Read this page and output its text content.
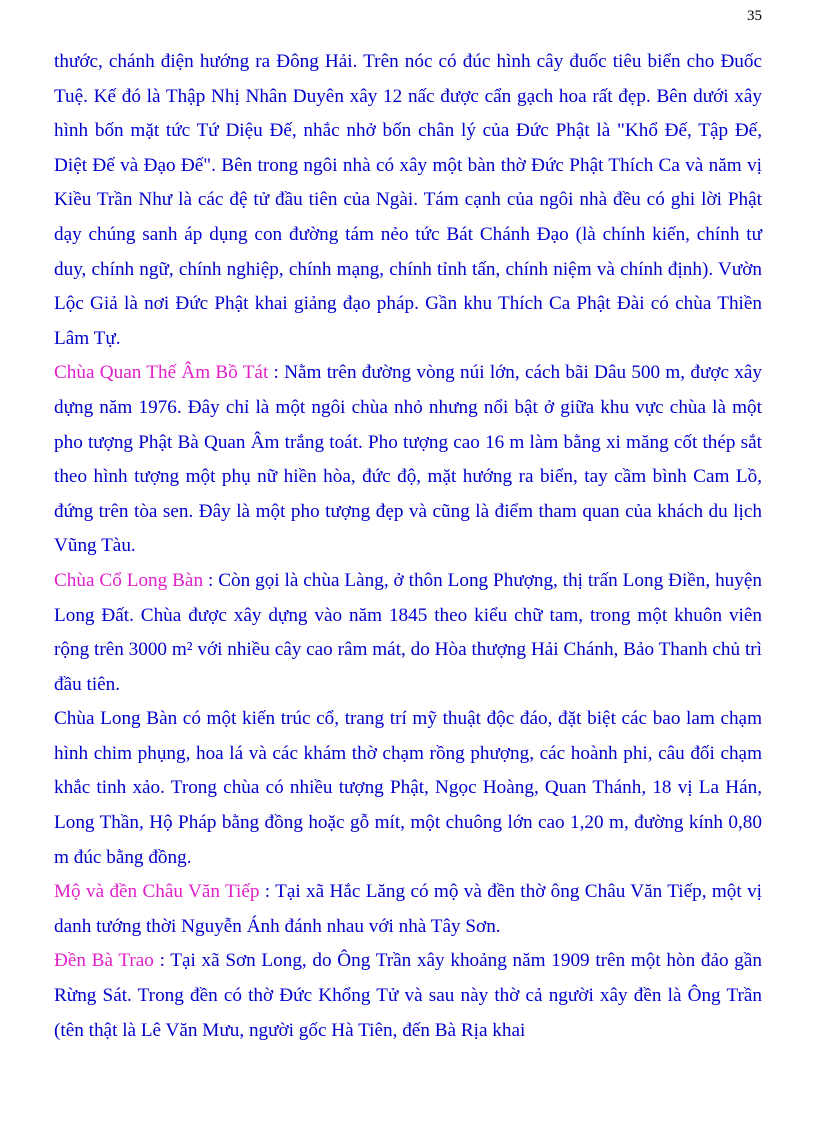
35

thước, chánh điện hướng ra Đông Hải. Trên nóc có đúc hình cây đuốc tiêu biển cho Đuốc Tuệ. Kế đó là Thập Nhị Nhân Duyên xây 12 nấc được cẩn gạch hoa rất đẹp. Bên dưới xây hình bốn mặt tức Tứ Diệu Đế, nhắc nhở bốn chân lý của Đức Phật là "Khổ Đế, Tập Đế, Diệt Đế và Đạo Đế". Bên trong ngôi nhà có xây một bàn thờ Đức Phật Thích Ca và năm vị Kiều Trần Như là các đệ tử đầu tiên của Ngài. Tám cạnh của ngôi nhà đều có ghi lời Phật dạy chúng sanh áp dụng con đường tám nẻo tức Bát Chánh Đạo (là chính kiến, chính tư duy, chính ngữ, chính nghiệp, chính mạng, chính tỉnh tấn, chính niệm và chính định). Vườn Lộc Giả là nơi Đức Phật khai giảng đạo pháp. Gần khu Thích Ca Phật Đài có chùa Thiền Lâm Tự.

Chùa Quan Thế Âm Bồ Tát : Nằm trên đường vòng núi lớn, cách bãi Dâu 500 m, được xây dựng năm 1976. Đây chỉ là một ngôi chùa nhỏ nhưng nổi bật ở giữa khu vực chùa là một pho tượng Phật Bà Quan Âm trắng toát. Pho tượng cao 16 m làm bằng xi măng cốt thép sắt theo hình tượng một phụ nữ hiền hòa, đức độ, mặt hướng ra biển, tay cầm bình Cam Lồ, đứng trên tòa sen. Đây là một pho tượng đẹp và cũng là điểm tham quan của khách du lịch Vũng Tàu.

Chùa Cổ Long Bàn : Còn gọi là chùa Làng, ở thôn Long Phượng, thị trấn Long Điền, huyện Long Đất. Chùa được xây dựng vào năm 1845 theo kiểu chữ tam, trong một khuôn viên rộng trên 3000 m² với nhiều cây cao râm mát, do Hòa thượng Hải Chánh, Bảo Thanh chủ trì đầu tiên.

Chùa Long Bàn có một kiến trúc cổ, trang trí mỹ thuật độc đáo, đặt biệt các bao lam chạm hình chim phụng, hoa lá và các khám thờ chạm rồng phượng, các hoành phi, câu đối chạm khắc tinh xảo. Trong chùa có nhiều tượng Phật, Ngọc Hoàng, Quan Thánh, 18 vị La Hán, Long Thần, Hộ Pháp bằng đồng hoặc gỗ mít, một chuông lớn cao 1,20 m, đường kính 0,80 m đúc bằng đồng.

Mộ và đền Châu Văn Tiếp : Tại xã Hắc Lăng có mộ và đền thờ ông Châu Văn Tiếp, một vị danh tướng thời Nguyễn Ánh đánh nhau với nhà Tây Sơn.

Đền Bà Trao : Tại xã Sơn Long, do Ông Trần xây khoảng năm 1909 trên một hòn đảo gần Rừng Sát. Trong đền có thờ Đức Khổng Tử và sau này thờ cả người xây đền là Ông Trần (tên thật là Lê Văn Mưu, người gốc Hà Tiên, đến Bà Rịa khai
